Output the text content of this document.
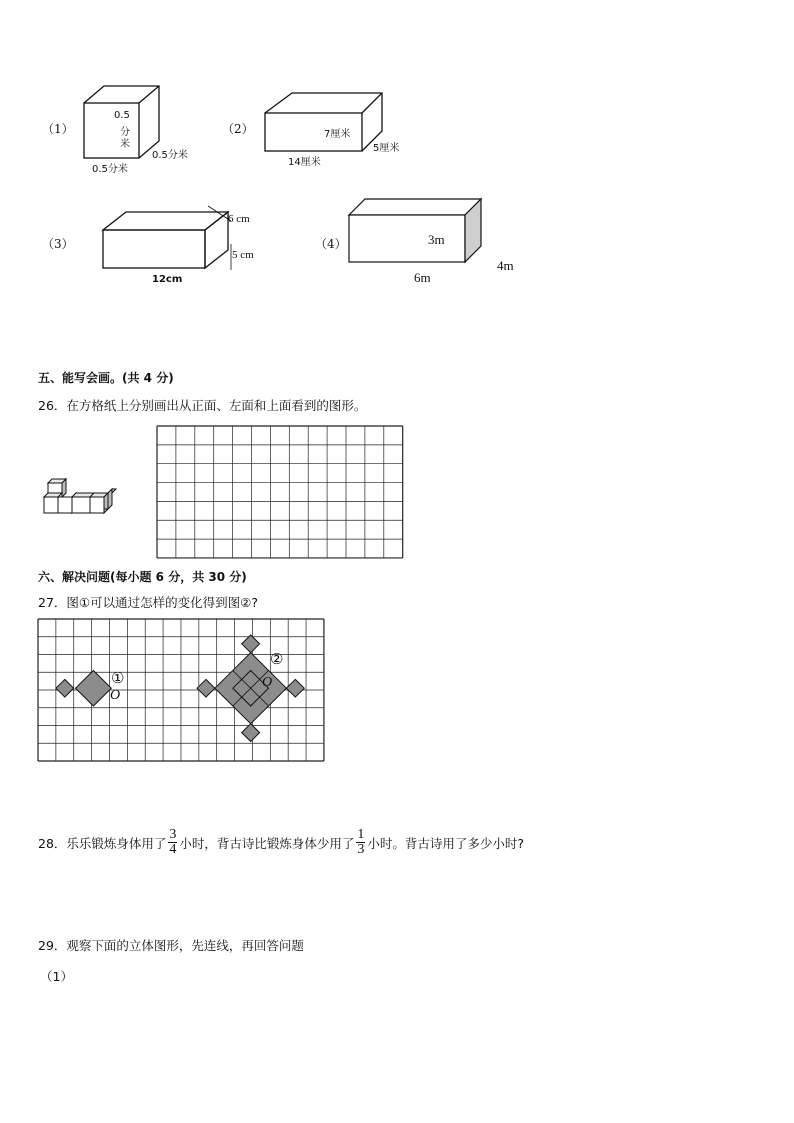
（1）
0.5
分
米
0.5分米
0.5分米
（2）	7厘米
5厘米
14厘米
（3）
6 cm
5 cm
12cm
（4）	3m
4m
6m
五、能写会画。(共 4 分)
26．在方格纸上分别画出从正面、左面和上面看到的图形。
六、解决问题(每小题 6 分，共 30 分)
27．图①可以通过怎样的变化得到图②?
①
O
②
O
28．乐乐锻炼身体用了 $\frac{3}{4}$ 小时，背古诗比锻炼身体少用了 $\frac{1}{3}$ 小时。背古诗用了多少小时?
29．观察下面的立体图形，先连线，再回答问题
（1）
